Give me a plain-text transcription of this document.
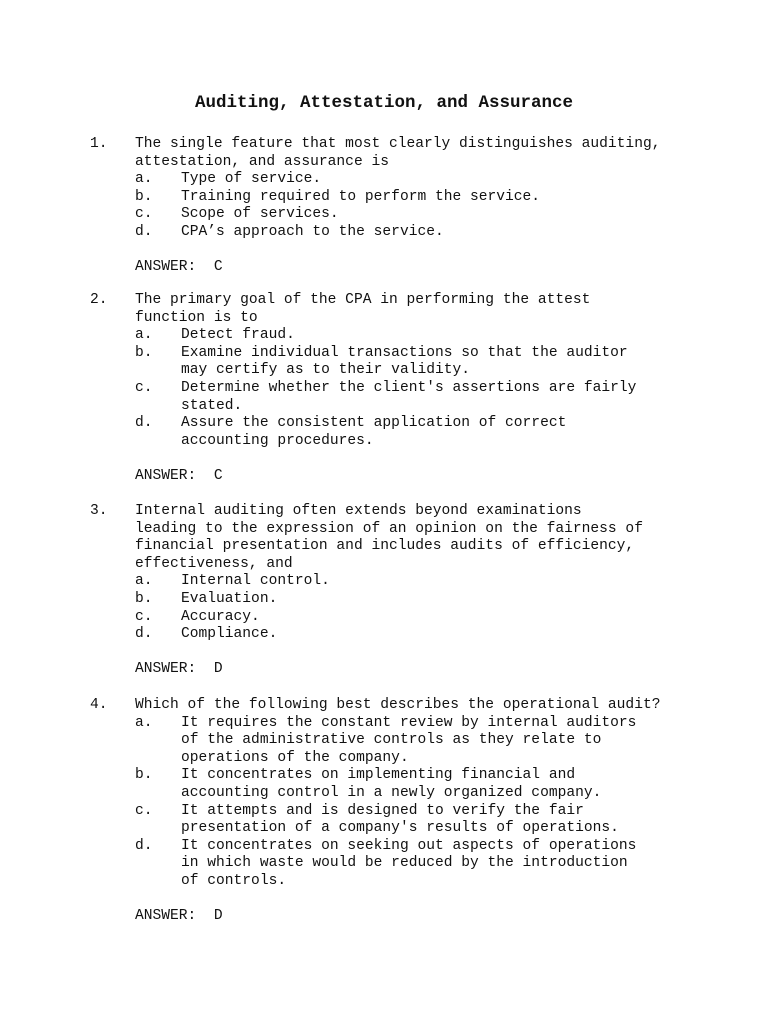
Auditing, Attestation, and Assurance
1. The single feature that most clearly distinguishes auditing,
attestation, and assurance is
a. Type of service.
b. Training required to perform the service.
c. Scope of services.
d. CPA’s approach to the service.
ANSWER: C
2. The primary goal of the CPA in performing the attest
function is to
a. Detect fraud.
b. Examine individual transactions so that the auditor
may certify as to their validity.
c. Determine whether the client's assertions are fairly
stated.
d. Assure the consistent application of correct
accounting procedures.
ANSWER: C
3. Internal auditing often extends beyond examinations
leading to the expression of an opinion on the fairness of
financial presentation and includes audits of efficiency,
effectiveness, and
a. Internal control.
b. Evaluation.
c. Accuracy.
d. Compliance.
ANSWER: D
4. Which of the following best describes the operational audit?
a. It requires the constant review by internal auditors
of the administrative controls as they relate to
operations of the company.
b. It concentrates on implementing financial and
accounting control in a newly organized company.
c. It attempts and is designed to verify the fair
presentation of a company's results of operations.
d. It concentrates on seeking out aspects of operations
in which waste would be reduced by the introduction
of controls.
ANSWER: D
